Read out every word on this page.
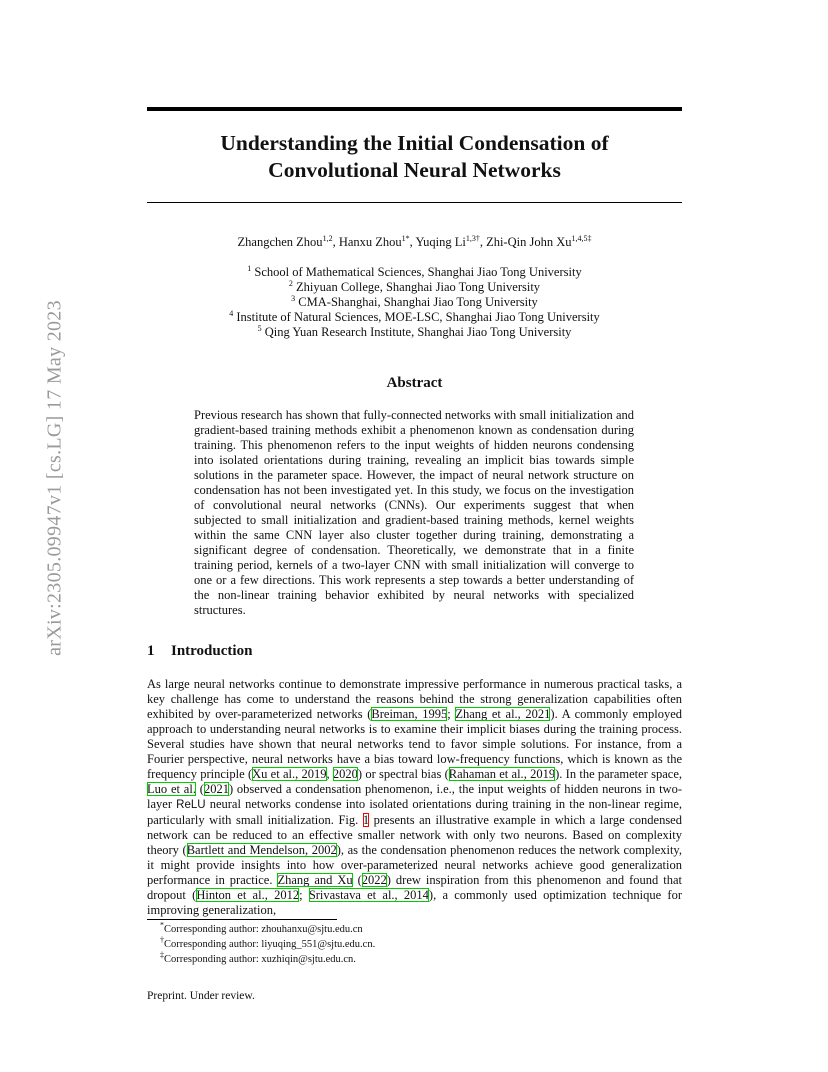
arXiv:2305.09947v1 [cs.LG] 17 May 2023
Understanding the Initial Condensation of
Convolutional Neural Networks
Zhangchen Zhou$^{1,2}$, Hanxu Zhou$^{1*}$, Yuqing $Li^{1,3\dagger}$, Zhi-Qin John $Xu^{1,4,5\ddagger}$
$^1$ School of Mathematical Sciences, Shanghai Jiao Tong University
$^2$ Zhiyuan College, Shanghai Jiao Tong University
$^3$ CMA-Shanghai, Shanghai Jiao Tong University
$^4$ Institute of Natural Sciences, MOE-LSC, Shanghai Jiao Tong University
$^5$ Qing Yuan Research Institute, Shanghai Jiao Tong University
Abstract
Previous research has shown that fully-connected networks with small initialization and gradient-based training methods exhibit a phenomenon known as condensation during training. This phenomenon refers to the input weights of hidden neurons condensing into isolated orientations during training, revealing an implicit bias towards simple solutions in the parameter space. However, the impact of neural network structure on condensation has not been investigated yet. In this study, we focus on the investigation of convolutional neural networks (CNNs). Our experiments suggest that when subjected to small initialization and gradient-based training methods, kernel weights within the same CNN layer also cluster together during training, demonstrating a significant degree of condensation. Theoretically, we demonstrate that in a finite training period, kernels of a two-layer CNN with small initialization will converge to one or a few directions. This work represents a step towards a better understanding of the non-linear training behavior exhibited by neural networks with specialized structures.
1 Introduction
As large neural networks continue to demonstrate impressive performance in numerous practical tasks, a key challenge has come to understand the reasons behind the strong generalization capabilities often exhibited by over-parameterized networks (Breiman, 1995; Zhang et al., 2021). A commonly employed approach to understanding neural networks is to examine their implicit biases during the training process. Several studies have shown that neural networks tend to favor simple solutions. For instance, from a Fourier perspective, neural networks have a bias toward low-frequency functions, which is known as the frequency principle (Xu et al., 2019, 2020) or spectral bias (Rahaman et al., 2019). In the parameter space, Luo et al. (2021) observed a condensation phenomenon, i.e., the input weights of hidden neurons in two-layer ReLU neural networks condense into isolated orientations during training in the non-linear regime, particularly with small initialization. Fig. 1 presents an illustrative example in which a large condensed network can be reduced to an effective smaller network with only two neurons. Based on complexity theory (Bartlett and Mendelson, 2002), as the condensation phenomenon reduces the network complexity, it might provide insights into how over-parameterized neural networks achieve good generalization performance in practice. Zhang and Xu (2022) drew inspiration from this phenomenon and found that dropout (Hinton et al., 2012; Srivastava et al., 2014), a commonly used optimization technique for improving generalization,
*Corresponding author: zhouhanxu@sjtu.edu.cn
†Corresponding author: liyuqing_551@sjtu.edu.cn.
‡Corresponding author: xuzhiqin@sjtu.edu.cn.
Preprint. Under review.
